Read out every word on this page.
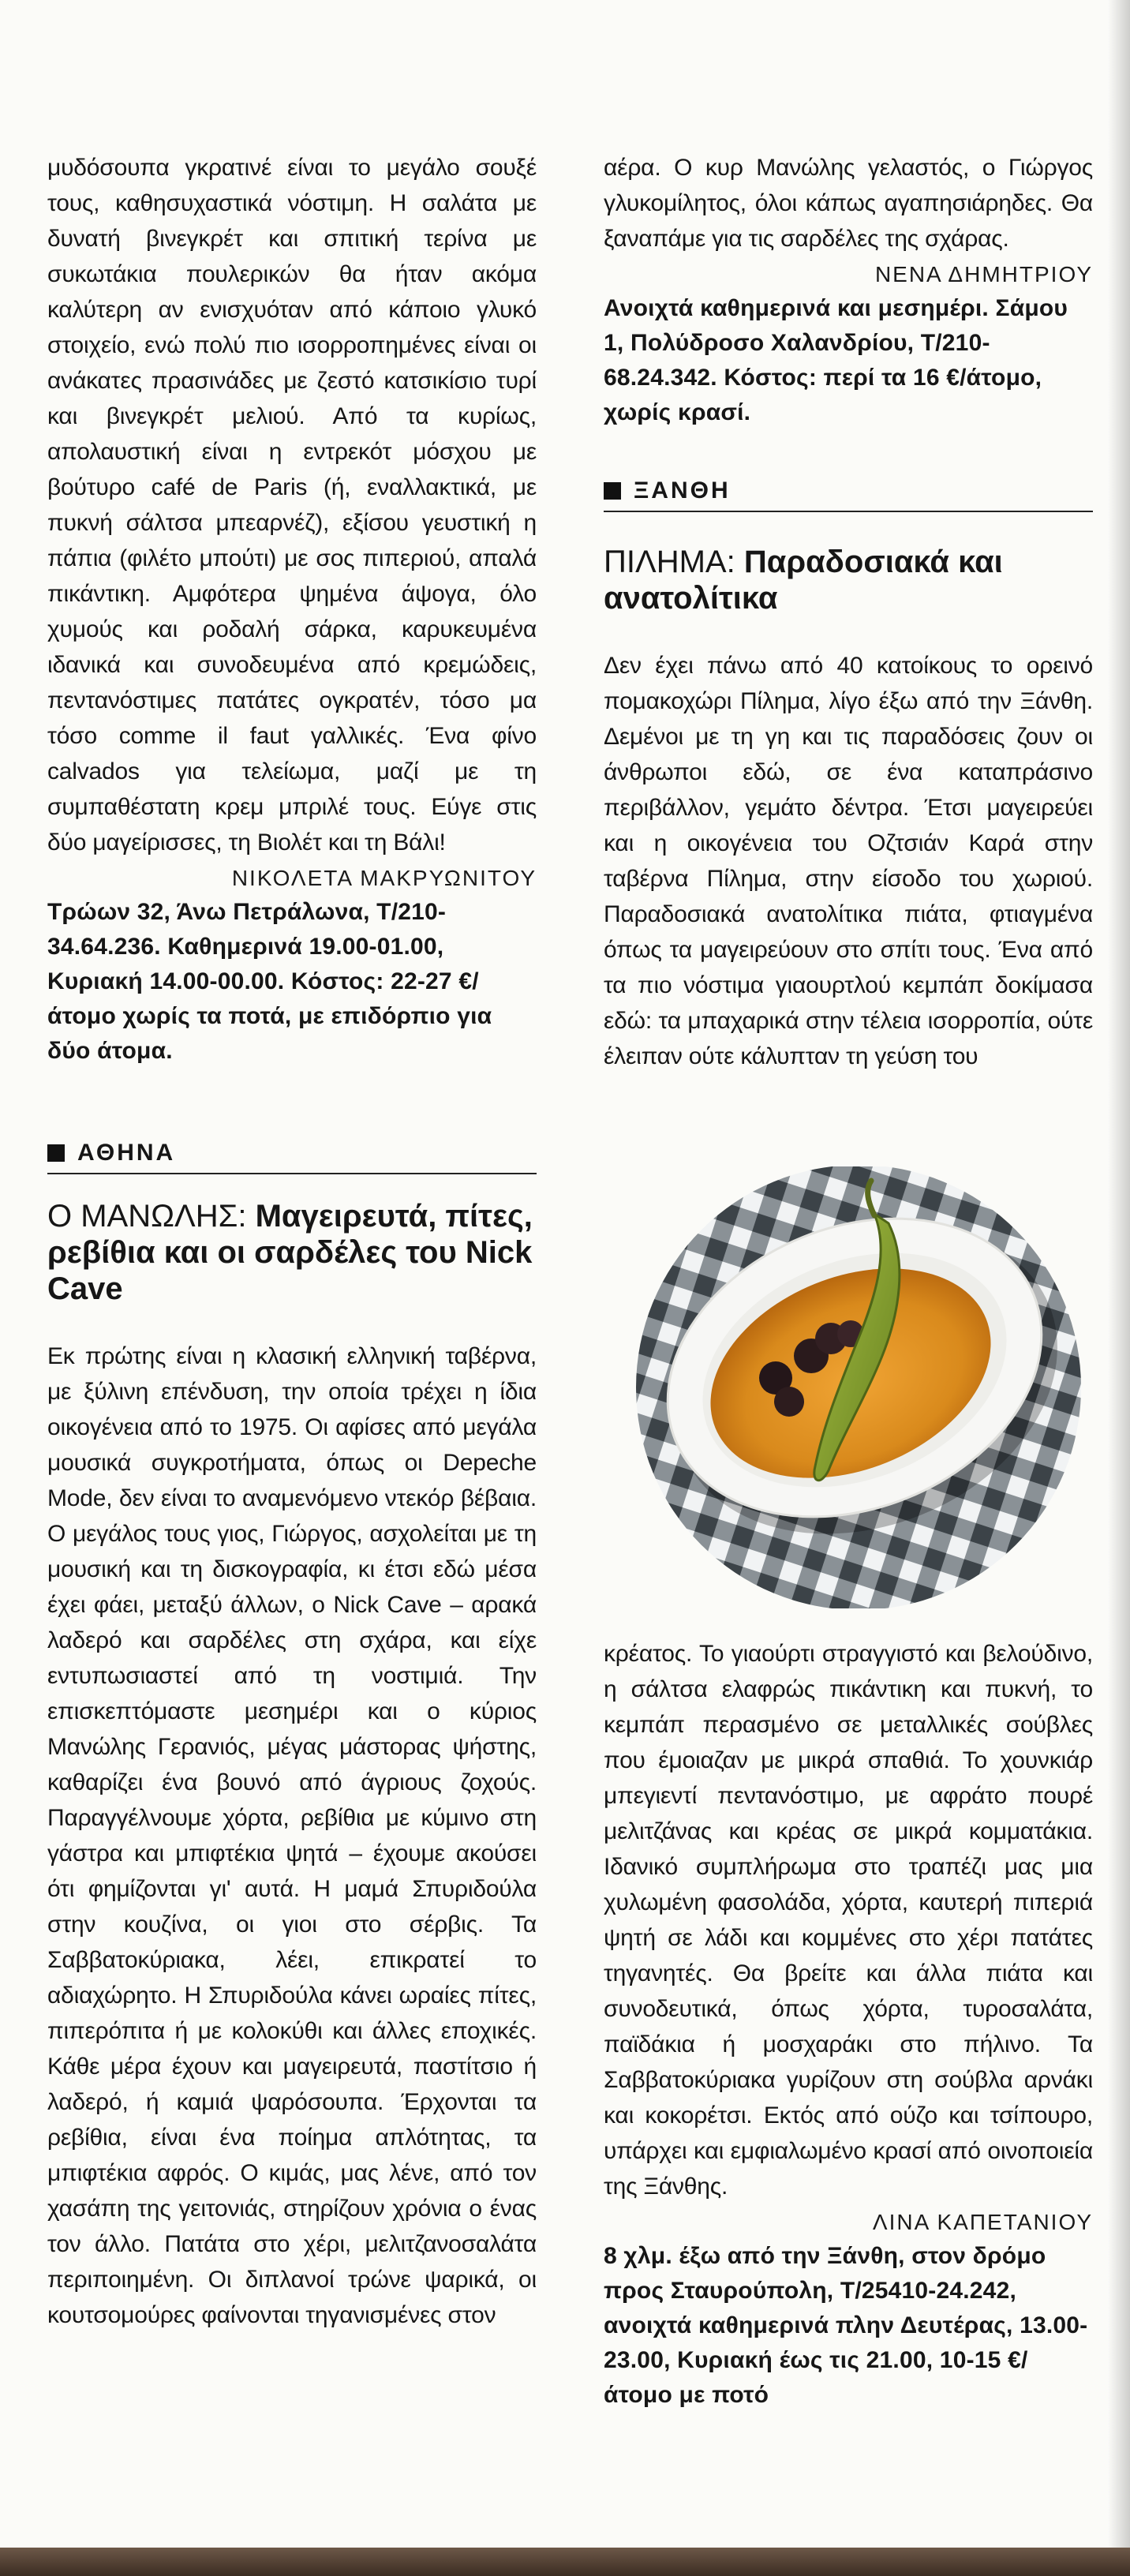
μυδόσουπα γκρατινέ είναι το μεγάλο σουξέ τους, καθησυχαστικά νόστιμη. Η σαλάτα με δυνατή βινεγκρέτ και σπιτική τερίνα με συκωτάκια πουλερικών θα ήταν ακόμα καλύτερη αν ενισχυόταν από κάποιο γλυκό στοιχείο, ενώ πολύ πιο ισορροπημένες είναι οι ανάκατες πρασινάδες με ζεστό κατσικίσιο τυρί και βινεγκρέτ μελιού. Από τα κυρίως, απολαυστική είναι η εντρεκότ μόσχου με βούτυρο café de Paris (ή, εναλλακτικά, με πυκνή σάλτσα μπεαρνέζ), εξίσου γευστική η πάπια (φιλέτο μπούτι) με σος πιπεριού, απαλά πικάντικη. Αμφότερα ψημένα άψογα, όλο χυμούς και ροδαλή σάρκα, καρυκευμένα ιδανικά και συνοδευμένα από κρεμώδεις, πεντανόστιμες πατάτες ογκρατέν, τόσο μα τόσο comme il faut γαλλικές. Ένα φίνο calvados για τελείωμα, μαζί με τη συμπαθέστατη κρεμ μπριλέ τους. Εύγε στις δύο μαγείρισσες, τη Βιολέτ και τη Βάλι!

ΝΙΚΟΛΕΤΑ ΜΑΚΡΥΩΝΙΤΟΥ

Τρώων 32, Άνω Πετράλωνα, Τ/210-34.64.236. Καθημερινά 19.00-01.00, Κυριακή 14.00-00.00. Κόστος: 22-27 €/άτομο χωρίς τα ποτά, με επιδόρπιο για δύο άτομα.

ΑΘΗΝΑ
Ο ΜΑΝΩΛΗΣ: Μαγειρευτά, πίτες, ρεβίθια και οι σαρδέλες του Nick Cave

Εκ πρώτης είναι η κλασική ελληνική ταβέρνα, με ξύλινη επένδυση, την οποία τρέχει η ίδια οικογένεια από το 1975. Οι αφίσες από μεγάλα μουσικά συγκροτήματα, όπως οι Depeche Mode, δεν είναι το αναμενόμενο ντεκόρ βέβαια. Ο μεγάλος τους γιος, Γιώργος, ασχολείται με τη μουσική και τη δισκογραφία, κι έτσι εδώ μέσα έχει φάει, μεταξύ άλλων, ο Nick Cave – αρακά λαδερό και σαρδέλες στη σχάρα, και είχε εντυπωσιαστεί από τη νοστιμιά. Την επισκεπτόμαστε μεσημέρι και ο κύριος Μανώλης Γερανιός, μέγας μάστορας ψήστης, καθαρίζει ένα βουνό από άγριους ζοχούς. Παραγγέλνουμε χόρτα, ρεβίθια με κύμινο στη γάστρα και μπιφτέκια ψητά – έχουμε ακούσει ότι φημίζονται γι' αυτά. Η μαμά Σπυριδούλα στην κουζίνα, οι γιοι στο σέρβις. Τα Σαββατοκύριακα, λέει, επικρατεί το αδιαχώρητο. Η Σπυριδούλα κάνει ωραίες πίτες, πιπερόπιτα ή με κολοκύθι και άλλες εποχικές. Κάθε μέρα έχουν και μαγειρευτά, παστίτσιο ή λαδερό, ή καμιά ψαρόσουπα. Έρχονται τα ρεβίθια, είναι ένα ποίημα απλότητας, τα μπιφτέκια αφρός. Ο κιμάς, μας λένε, από τον χασάπη της γειτονιάς, στηρίζουν χρόνια ο ένας τον άλλο. Πατάτα στο χέρι, μελιτζανοσαλάτα περιποιημένη. Οι διπλανοί τρώνε ψαρικά, οι κουτσομούρες φαίνονται τηγανισμένες στον

αέρα. Ο κυρ Μανώλης γελαστός, ο Γιώργος γλυκομίλητος, όλοι κάπως αγαπησιάρηδες. Θα ξαναπάμε για τις σαρδέλες της σχάρας.

ΝΕΝΑ ΔΗΜΗΤΡΙΟΥ

Ανοιχτά καθημερινά και μεσημέρι. Σάμου 1, Πολύδροσο Χαλανδρίου, Τ/210-68.24.342. Κόστος: περί τα 16 €/άτομο, χωρίς κρασί.

ΞΑΝΘΗ
ΠΙΛΗΜΑ: Παραδοσιακά και ανατολίτικα

Δεν έχει πάνω από 40 κατοίκους το ορεινό πομακοχώρι Πίλημα, λίγο έξω από την Ξάνθη. Δεμένοι με τη γη και τις παραδόσεις ζουν οι άνθρωποι εδώ, σε ένα καταπράσινο περιβάλλον, γεμάτο δέντρα. Έτσι μαγειρεύει και η οικογένεια του Οζτσιάν Καρά στην ταβέρνα Πίλημα, στην είσοδο του χωριού. Παραδοσιακά ανατολίτικα πιάτα, φτιαγμένα όπως τα μαγειρεύουν στο σπίτι τους. Ένα από τα πιο νόστιμα γιαουρτλού κεμπάπ δοκίμασα εδώ: τα μπαχαρικά στην τέλεια ισορροπία, ούτε έλειπαν ούτε κάλυπταν τη γεύση του

κρέατος. Το γιαούρτι στραγγιστό και βελούδινο, η σάλτσα ελαφρώς πικάντικη και πυκνή, το κεμπάπ περασμένο σε μεταλλικές σούβλες που έμοιαζαν με μικρά σπαθιά. Το χουνκιάρ μπεγιεντί πεντανόστιμο, με αφράτο πουρέ μελιτζάνας και κρέας σε μικρά κομματάκια. Ιδανικό συμπλήρωμα στο τραπέζι μας μια χυλωμένη φασολάδα, χόρτα, καυτερή πιπεριά ψητή σε λάδι και κομμένες στο χέρι πατάτες τηγανητές. Θα βρείτε και άλλα πιάτα και συνοδευτικά, όπως χόρτα, τυροσαλάτα, παϊδάκια ή μοσχαράκι στο πήλινο. Τα Σαββατοκύριακα γυρίζουν στη σούβλα αρνάκι και κοκορέτσι. Εκτός από ούζο και τσίπουρο, υπάρχει και εμφιαλωμένο κρασί από οινοποιεία της Ξάνθης.

ΛΙΝΑ ΚΑΠΕΤΑΝΙΟΥ

8 χλμ. έξω από την Ξάνθη, στον δρόμο προς Σταυρούπολη, Τ/25410-24.242, ανοιχτά καθημερινά πλην Δευτέρας, 13.00-23.00, Κυριακή έως τις 21.00, 10-15 €/άτομο με ποτό
